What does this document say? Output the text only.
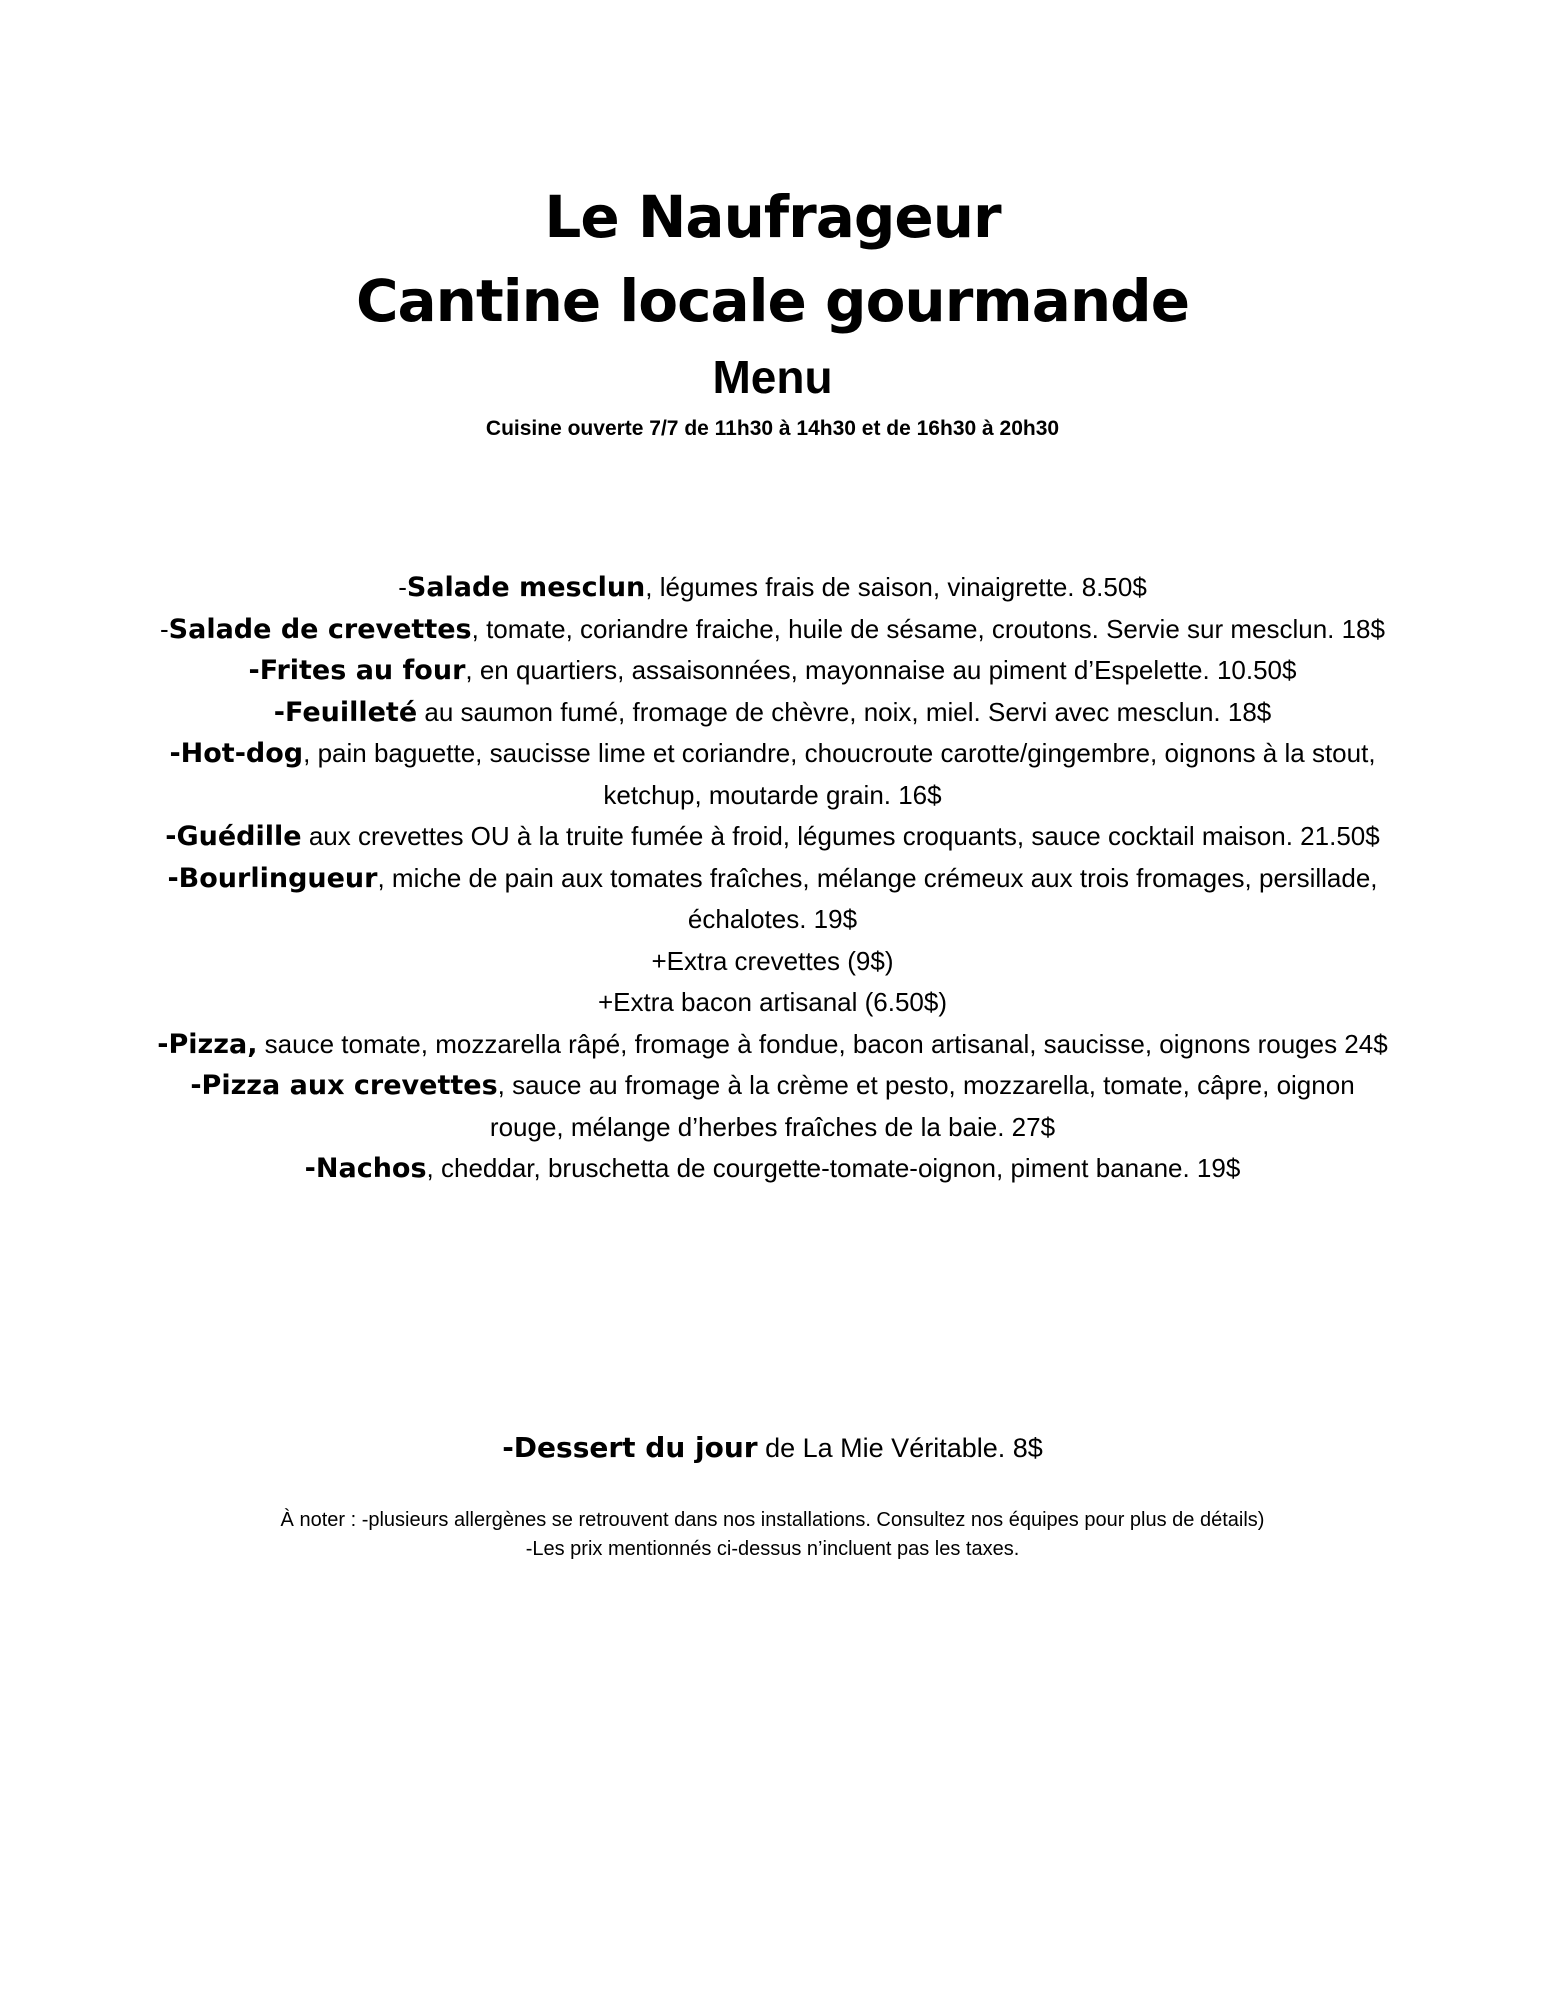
Le Naufrageur
Cantine locale gourmande
Menu
Cuisine ouverte 7/7 de 11h30 à 14h30 et de 16h30 à 20h30

-Salade mesclun, légumes frais de saison, vinaigrette. 8.50$

-Salade de crevettes, tomate, coriandre fraiche, huile de sésame, croutons. Servie sur mesclun. 18$

-Frites au four, en quartiers, assaisonnées, mayonnaise au piment d’Espelette. 10.50$

-Feuilleté au saumon fumé, fromage de chèvre, noix, miel. Servi avec mesclun. 18$

-Hot-dog, pain baguette, saucisse lime et coriandre, choucroute carotte/gingembre, oignons à la stout, ketchup, moutarde grain. 16$

-Guédille aux crevettes OU à la truite fumée à froid, légumes croquants, sauce cocktail maison. 21.50$

-Bourlingueur, miche de pain aux tomates fraîches, mélange crémeux aux trois fromages, persillade, échalotes. 19$

+Extra crevettes (9$)

+Extra bacon artisanal (6.50$)

-Pizza, sauce tomate, mozzarella râpé, fromage à fondue, bacon artisanal, saucisse, oignons rouges 24$

-Pizza aux crevettes, sauce au fromage à la crème et pesto, mozzarella, tomate, câpre, oignon rouge, mélange d’herbes fraîches de la baie. 27$

-Nachos, cheddar, bruschetta de courgette-tomate-oignon, piment banane. 19$

-Dessert du jour de La Mie Véritable. 8$
À noter : -plusieurs allergènes se retrouvent dans nos installations. Consultez nos équipes pour plus de détails)
-Les prix mentionnés ci-dessus n’incluent pas les taxes.
